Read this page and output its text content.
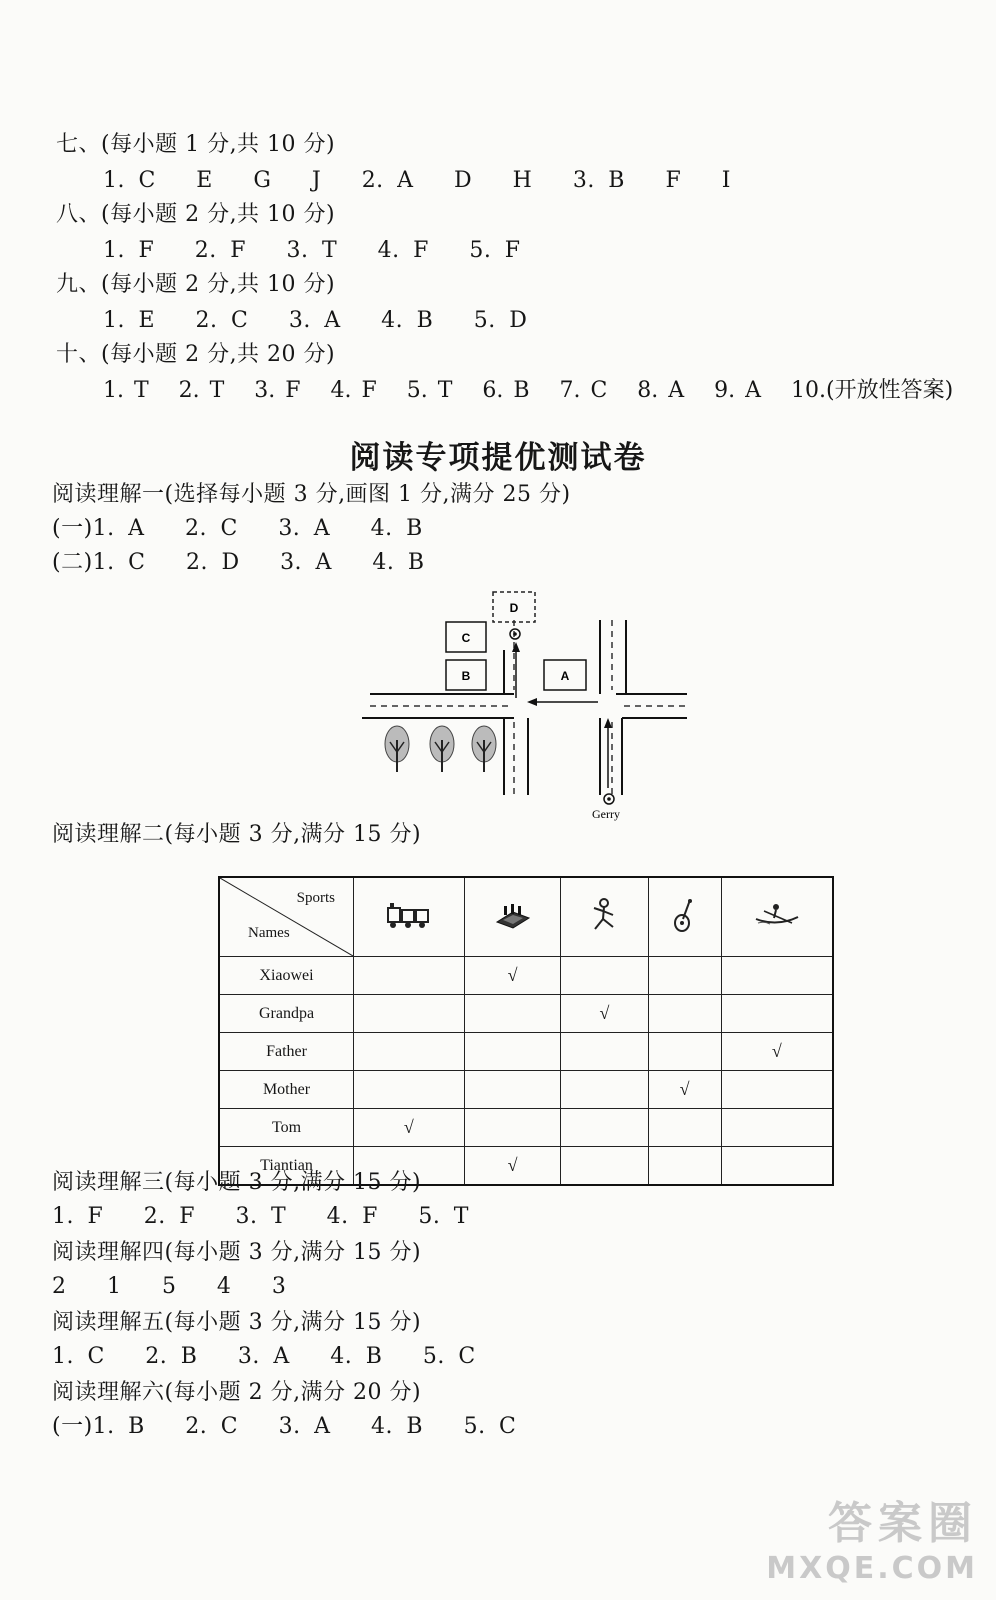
七、(每小题 1 分,共 10 分)
1. C   E   G   J   2. A   D   H   3. B   F   I
八、(每小题 2 分,共 10 分)
1. F   2. F   3. T   4. F   5. F
九、(每小题 2 分,共 10 分)
1. E   2. C   3. A   4. B   5. D
十、(每小题 2 分,共 20 分)
1. T   2. T   3. F   4. F   5. T   6. B   7. C   8. A   9. A   10.(开放性答案)
阅读专项提优测试卷
阅读理解一(选择每小题 3 分,画图 1 分,满分 25 分)
(一)1. A   2. C   3. A   4. B
(二)1. C   2. D   3. A   4. B
D
C
B	A
Gerry
阅读理解二(每小题 3 分,满分 15 分)
Sports
Names

Xiaowei		√			
Grandpa			√		
Father					√
Mother				√	
Tom	√				
Tiantian		√			
阅读理解三(每小题 3 分,满分 15 分)
1. F   2. F   3. T   4. F   5. T
阅读理解四(每小题 3 分,满分 15 分)
2   1   5   4   3
阅读理解五(每小题 3 分,满分 15 分)
1. C   2. B   3. A   4. B   5. C
阅读理解六(每小题 2 分,满分 20 分)
(一)1. B   2. C   3. A   4. B   5. C
答案圈
MXQE.COM
